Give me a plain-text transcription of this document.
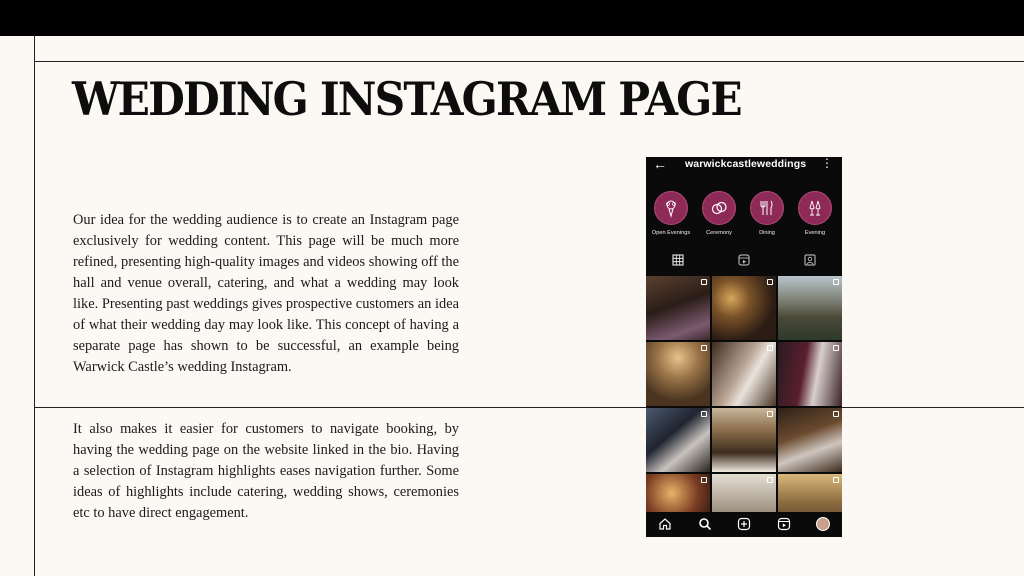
WEDDING INSTAGRAM PAGE

Our idea for the wedding audience is to create an Instagram page exclusively for wedding content. This page will be much more refined, presenting high-quality images and videos showing off the hall and venue overall, catering, and what a wedding may look like. Presenting past weddings gives prospective customers an idea of what their wedding day may look like. This concept of having a separate page has shown to be successful, an example being Warwick Castle’s wedding Instagram.

It also makes it easier for customers to navigate booking, by having the wedding page on the website linked in the bio. Having a selection of Instagram highlights eases navigation further. Some ideas of highlights include catering, wedding shows, ceremonies etc to have direct engagement.

← warwickcastleweddings ⋮
Open Evenings	Ceremony	Dining	Evening
